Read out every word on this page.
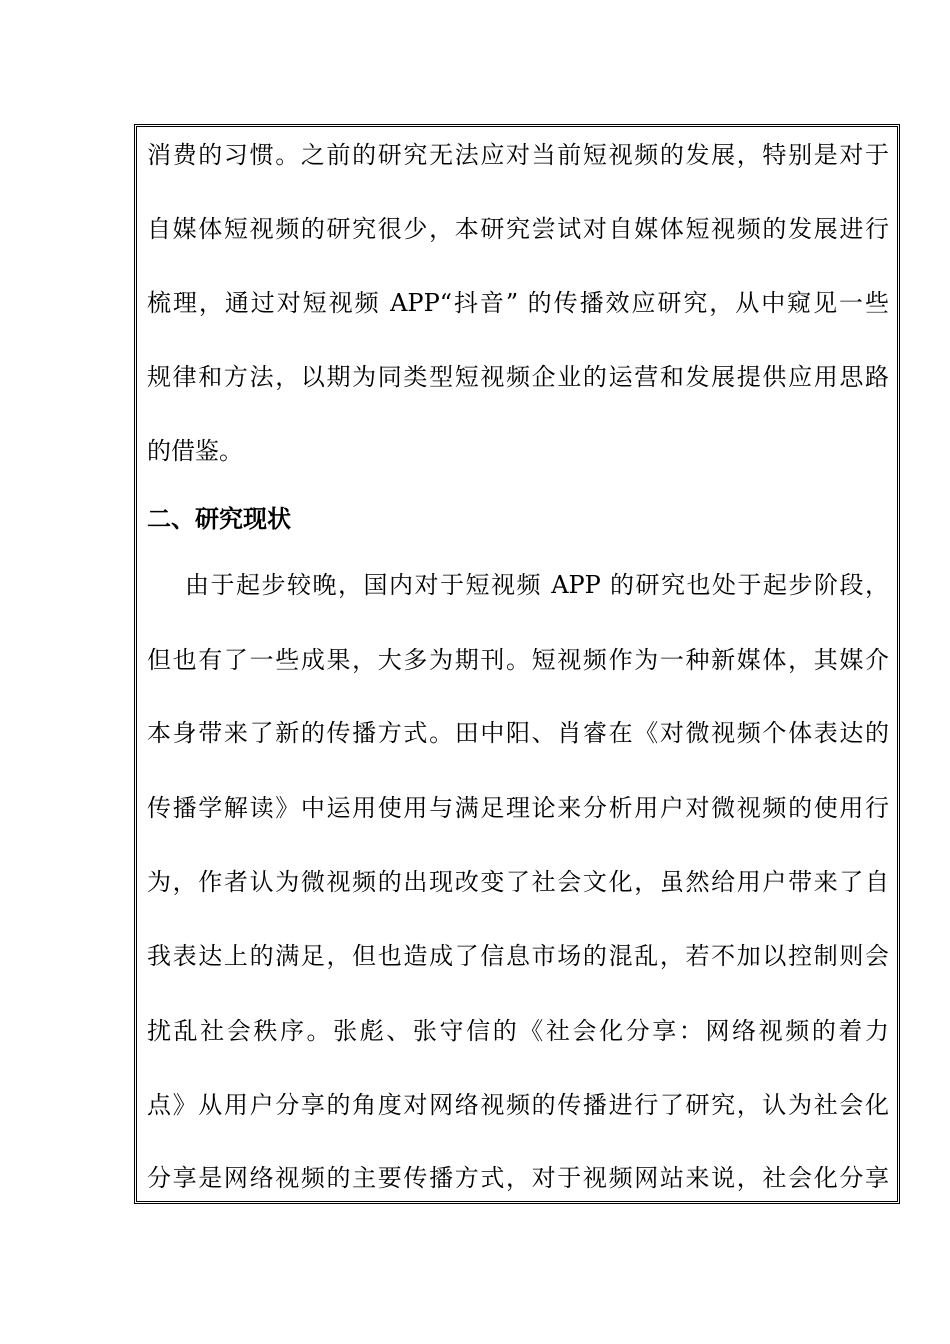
消费的习惯。之前的研究无法应对当前短视频的发展，特别是对于
自媒体短视频的研究很少，本研究尝试对自媒体短视频的发展进行
梳理，通过对短视频 APP“抖音” 的传播效应研究，从中窥见一些
规律和方法，以期为同类型短视频企业的运营和发展提供应用思路
的借鉴。
二、研究现状
由于起步较晚，国内对于短视频 APP 的研究也处于起步阶段，
但也有了一些成果，大多为期刊。短视频作为一种新媒体，其媒介
本身带来了新的传播方式。田中阳、肖睿在《对微视频个体表达的
传播学解读》中运用使用与满足理论来分析用户对微视频的使用行
为，作者认为微视频的出现改变了社会文化，虽然给用户带来了自
我表达上的满足，但也造成了信息市场的混乱，若不加以控制则会
扰乱社会秩序。张彪、张守信的《社会化分享：网络视频的着力
点》从用户分享的角度对网络视频的传播进行了研究，认为社会化
分享是网络视频的主要传播方式，对于视频网站来说，社会化分享
